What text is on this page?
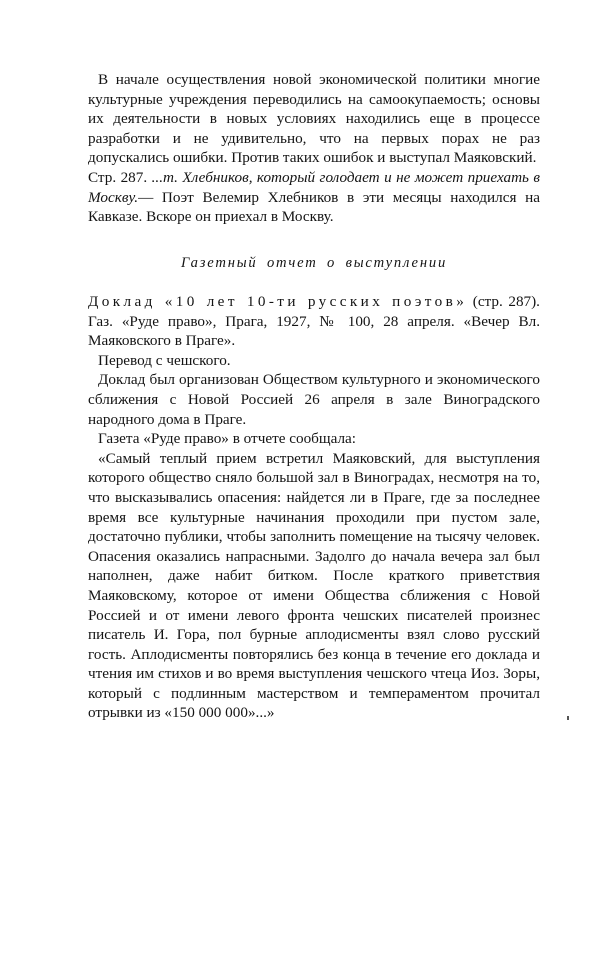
В начале осуществления новой экономической политики многие культурные учреждения переводились на самоокупаемость; основы их деятельности в новых условиях находились еще в процессе разработки и не удивительно, что на первых порах не раз допускались ошибки. Против таких ошибок и выступал Маяковский.

Стр. 287. ...т. Хлебников, который голодает и не может приехать в Москву.— Поэт Велемир Хлебников в эти месяцы находился на Кавказе. Вскоре он приехал в Москву.

Газетный отчет о выступлении

Доклад «10 лет 10-ти русских поэтов» (стр. 287). Газ. «Руде право», Прага, 1927, № 100, 28 апреля. «Вечер Вл. Маяковского в Праге».

Перевод с чешского.

Доклад был организован Обществом культурного и экономического сближения с Новой Россией 26 апреля в зале Виноградского народного дома в Праге.

Газета «Руде право» в отчете сообщала:

«Самый теплый прием встретил Маяковский, для выступления которого общество сняло большой зал в Виноградах, несмотря на то, что высказывались опасения: найдется ли в Праге, где за последнее время все культурные начинания проходили при пустом зале, достаточно публики, чтобы заполнить помещение на тысячу человек. Опасения оказались напрасными. Задолго до начала вечера зал был наполнен, даже набит битком. После краткого приветствия Маяковскому, которое от имени Общества сближения с Новой Россией и от имени левого фронта чешских писателей произнес писатель И. Гора, пол бурные аплодисменты взял слово русский гость. Аплодисменты повторялись без конца в течение его доклада и чтения им стихов и во время выступления чешского чтеца Иоз. Зоры, который с подлинным мастерством и темпераментом прочитал отрывки из «150 000 000»...»
